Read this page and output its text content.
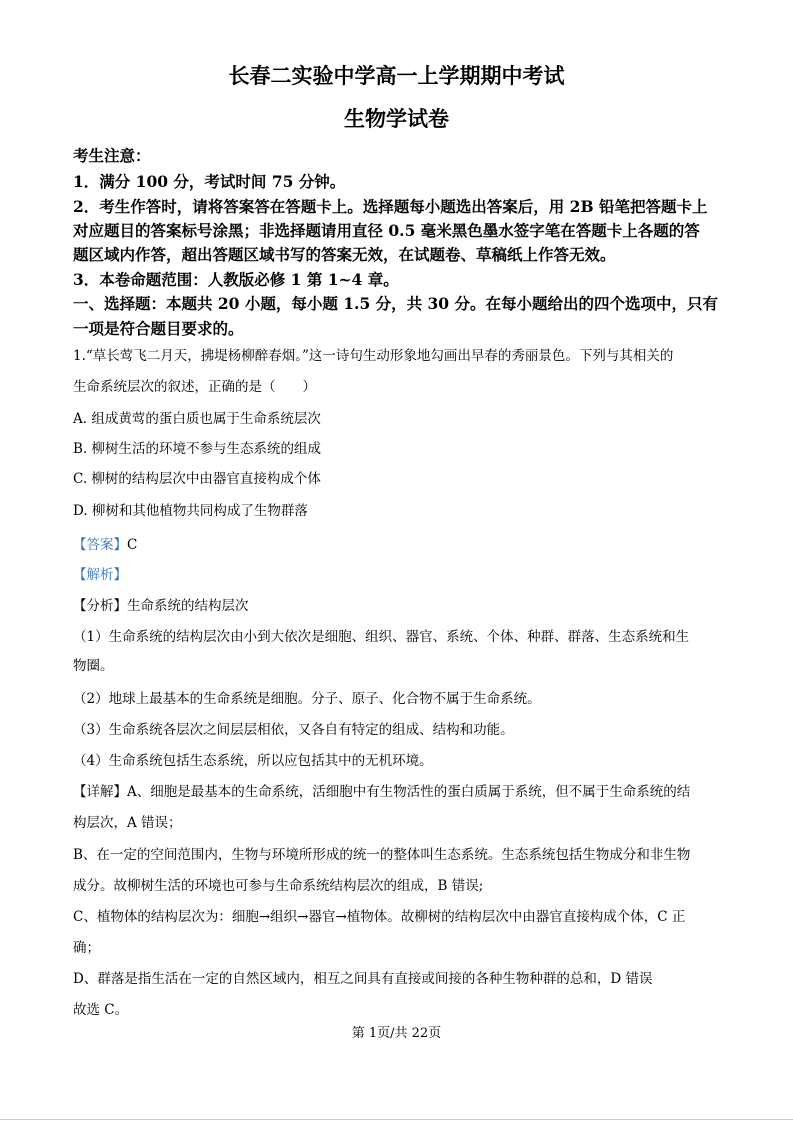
长春二实验中学高一上学期期中考试
生物学试卷
考生注意：
1．满分 100 分，考试时间 75 分钟。
2．考生作答时，请将答案答在答题卡上。选择题每小题选出答案后，用 2B 铅笔把答题卡上
对应题目的答案标号涂黑；非选择题请用直径 0.5 毫米黑色墨水签字笔在答题卡上各题的答
题区域内作答，超出答题区域书写的答案无效，在试题卷、草稿纸上作答无效。
3．本卷命题范围：人教版必修 1 第 1~4 章。
一、选择题：本题共 20 小题，每小题 1.5 分，共 30 分。在每小题给出的四个选项中，只有
一项是符合题目要求的。
1.“草长莺飞二月天，拂堤杨柳醉春烟。”这一诗句生动形象地勾画出早春的秀丽景色。下列与其相关的
生命系统层次的叙述，正确的是（　　）
A. 组成黄莺的蛋白质也属于生命系统层次
B. 柳树生活的环境不参与生态系统的组成
C. 柳树的结构层次中由器官直接构成个体
D. 柳树和其他植物共同构成了生物群落
【答案】C
【解析】
【分析】生命系统的结构层次
（1）生命系统的结构层次由小到大依次是细胞、组织、器官、系统、个体、种群、群落、生态系统和生
物圈。
（2）地球上最基本的生命系统是细胞。分子、原子、化合物不属于生命系统。
（3）生命系统各层次之间层层相依，又各自有特定的组成、结构和功能。
（4）生命系统包括生态系统，所以应包括其中的无机环境。
【详解】A、细胞是最基本的生命系统，活细胞中有生物活性的蛋白质属于系统，但不属于生命系统的结
构层次，A 错误；
B、在一定的空间范围内，生物与环境所形成的统一的整体叫生态系统。生态系统包括生物成分和非生物
成分。故柳树生活的环境也可参与生命系统结构层次的组成，B 错误;
C、植物体的结构层次为：细胞→组织→器官→植物体。故柳树的结构层次中由器官直接构成个体，C 正
确；
D、群落是指生活在一定的自然区域内，相互之间具有直接或间接的各种生物种群的总和，D 错误
故选 C。
第 1页/共 22页
